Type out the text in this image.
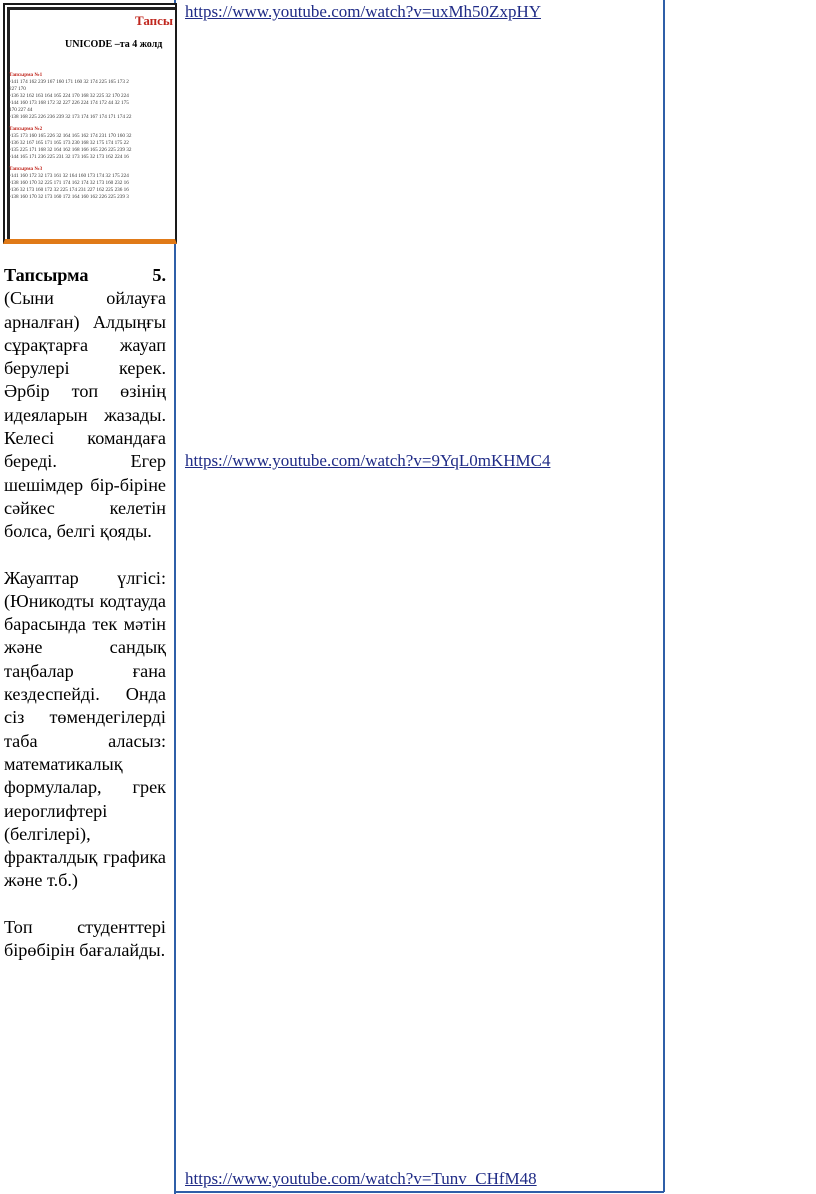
Тапсы
UNICODE –та 4 жолд
Тапсырма №1
•141 174 162 239 167 160 171 160 32 174 225 165 173 2
227 170
•136 32 162 163 164 165 224 170 168 32 225 32 170 224
•144 160 173 168 172 32 227 226 224 174 172 44 32 175
170 227 44
•138 168 225 226 236 239 32 173 174 167 174 171 174 22
Тапсырма №2
•135 173 160 165 226 32 164 165 162 174 231 170 160 32
•136 32 167 165 171 165 173 230 168 32 175 174 175 22
•135 225 171 168 32 164 162 168 166 165 226 225 239 32
•144 165 171 236 225 231 32 173 165 32 173 162 224 16
Тапсырма №3
•141 160 172 32 173 161 32 164 160 173 174 32 175 224
•138 160 170 32 225 171 174 162 174 32 173 160 232 16
•136 32 173 160 172 32 225 174 231 227 162 225 236 16
•138 160 170 32 173 160 172 164 160 162 226 225 239 3

Тапсырма	5.

(Сыни ойлауға арналған) Алдыңғы сұрақтарға жауап берулері керек. Әрбір топ өзінің идеяларын жазады. Келесі командаға береді. Егер шешімдер бір-біріне сәйкес келетін болса, белгі қояды.

Жауаптар үлгісі: (Юникодты кодтауда барасында тек мәтін және сандық таңбалар ғана кездеспейді. Онда сіз төмендегілерді таба аласыз: математикалық формулалар, грек иероглифтері (белгілері), фракталдық графика және т.б.)

Топ студенттері бірөбірін бағалайды.

https://www.youtube.com/watch?v=uxMh50ZxpHY
https://www.youtube.com/watch?v=9YqL0mKHMC4
https://www.youtube.com/watch?v=Tunv_CHfM48
